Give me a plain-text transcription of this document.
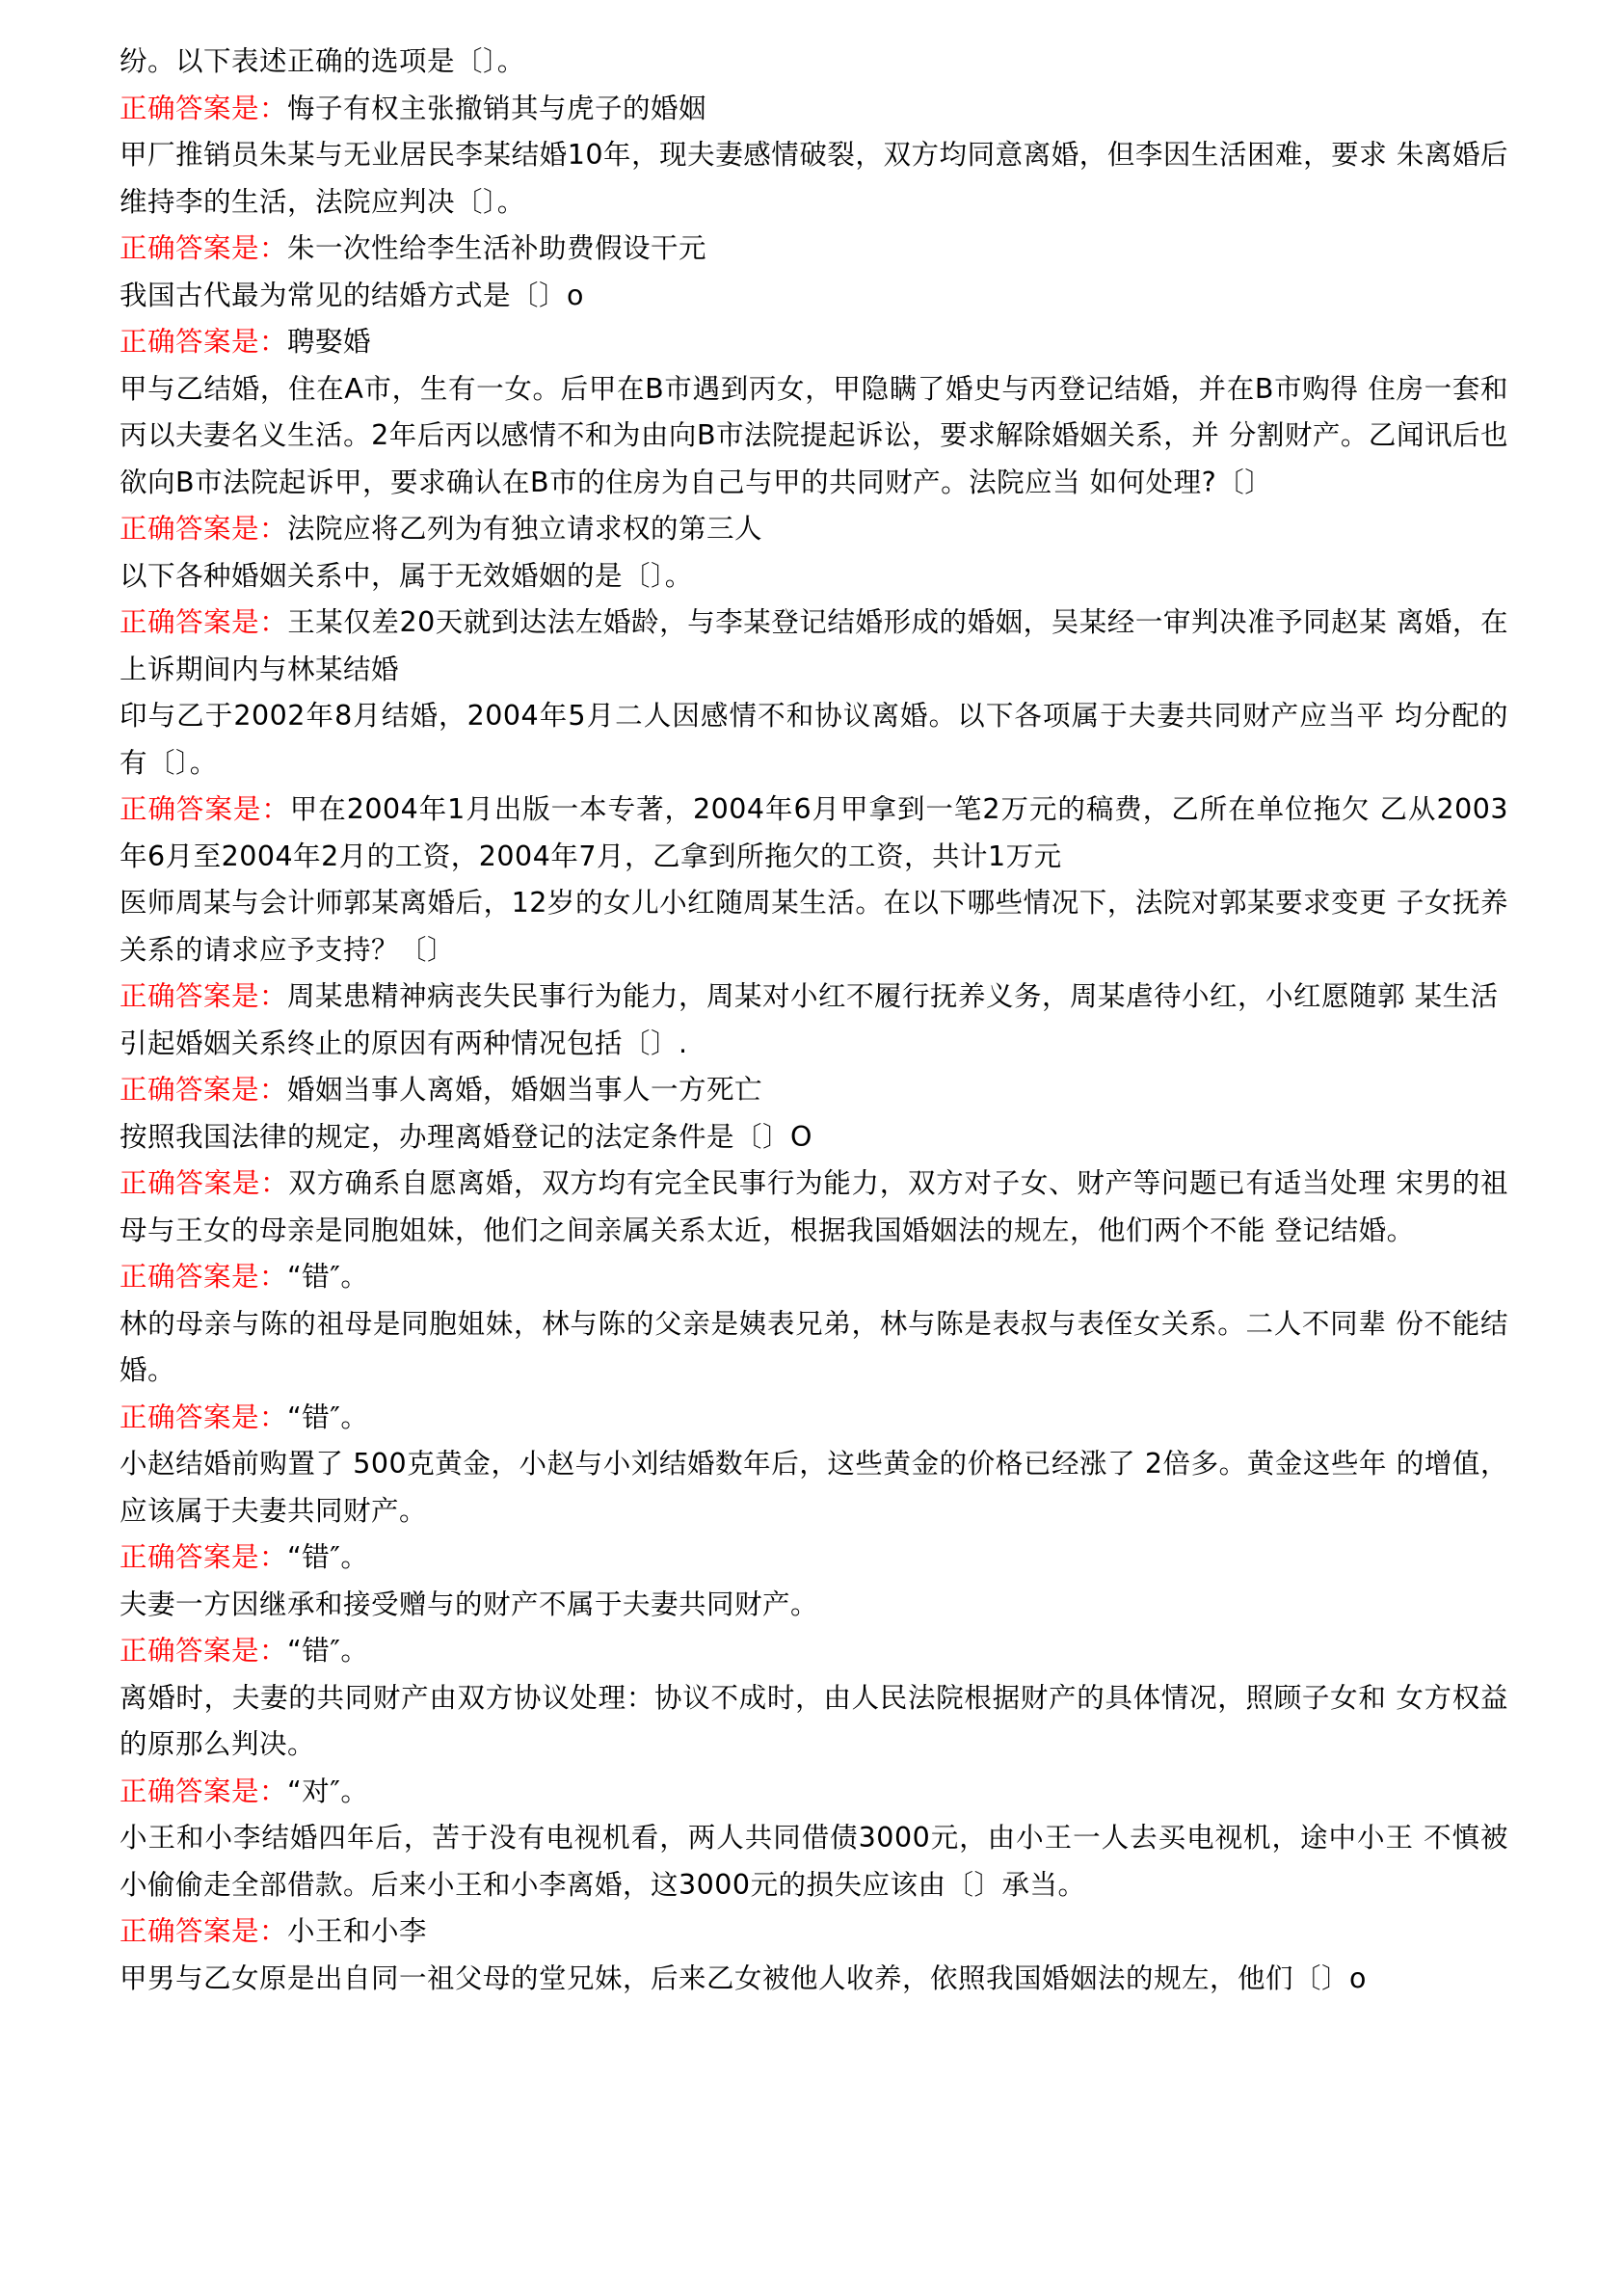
纷。以下表述正确的选项是〔〕。
正确答案是：悔子有权主张撤销其与虎子的婚姻
甲厂推销员朱某与无业居民李某结婚10年，现夫妻感情破裂，双方均同意离婚，但李因生活困难，要求 朱离婚后维持李的生活，法院应判决〔〕。
正确答案是：朱一次性给李生活补助费假设干元
我国古代最为常见的结婚方式是〔〕o
正确答案是：聘娶婚
甲与乙结婚，住在A市，生有一女。后甲在B市遇到丙女，甲隐瞒了婚史与丙登记结婚，并在B市购得 住房一套和丙以夫妻名义生活。2年后丙以感情不和为由向B市法院提起诉讼，要求解除婚姻关系，并 分割财产。乙闻讯后也欲向B市法院起诉甲，要求确认在B市的住房为自己与甲的共同财产。法院应当 如何处理?〔〕
正确答案是：法院应将乙列为有独立请求权的第三人
以下各种婚姻关系中，属于无效婚姻的是〔〕。
正确答案是：王某仅差20天就到达法左婚龄，与李某登记结婚形成的婚姻，吴某经一审判决准予同赵某 离婚，在上诉期间内与林某结婚
印与乙于2002年8月结婚，2004年5月二人因感情不和协议离婚。以下各项属于夫妻共同财产应当平 均分配的有〔〕。
正确答案是：甲在2004年1月出版一本专著，2004年6月甲拿到一笔2万元的稿费，乙所在单位拖欠 乙从2003年6月至2004年2月的工资，2004年7月，乙拿到所拖欠的工资，共计1万元
医师周某与会计师郭某离婚后，12岁的女儿小红随周某生活。在以下哪些情况下，法院对郭某要求变更 子女抚养关系的请求应予支持？〔〕
正确答案是：周某患精神病丧失民事行为能力，周某对小红不履行抚养义务，周某虐待小红，小红愿随郭 某生活
引起婚姻关系终止的原因有两种情况包括〔〕.
正确答案是：婚姻当事人离婚，婚姻当事人一方死亡
按照我国法律的规定，办理离婚登记的法定条件是〔〕O
正确答案是：双方确系自愿离婚，双方均有完全民事行为能力，双方对子女、财产等问题已有适当处理 宋男的祖母与王女的母亲是同胞姐妹，他们之间亲属关系太近，根据我国婚姻法的规左，他们两个不能 登记结婚。
正确答案是：“错″。
林的母亲与陈的祖母是同胞姐妹，林与陈的父亲是姨表兄弟，林与陈是表叔与表侄女关系。二人不同辈 份不能结婚。
正确答案是：“错″。
小赵结婚前购置了 500克黄金，小赵与小刘结婚数年后，这些黄金的价格已经涨了 2倍多。黄金这些年 的增值，应该属于夫妻共同财产。
正确答案是：“错″。
夫妻一方因继承和接受赠与的财产不属于夫妻共同财产。
正确答案是：“错″。
离婚时，夫妻的共同财产由双方协议处理：协议不成时，由人民法院根据财产的具体情况，照顾子女和 女方权益的原那么判决。
正确答案是：“对″。
小王和小李结婚四年后，苦于没有电视机看，两人共同借债3000元，由小王一人去买电视机，途中小王 不慎被小偷偷走全部借款。后来小王和小李离婚，这3000元的损失应该由〔〕承当。
正确答案是：小王和小李
甲男与乙女原是出自同一祖父母的堂兄妹，后来乙女被他人收养，依照我国婚姻法的规左，他们〔〕o
